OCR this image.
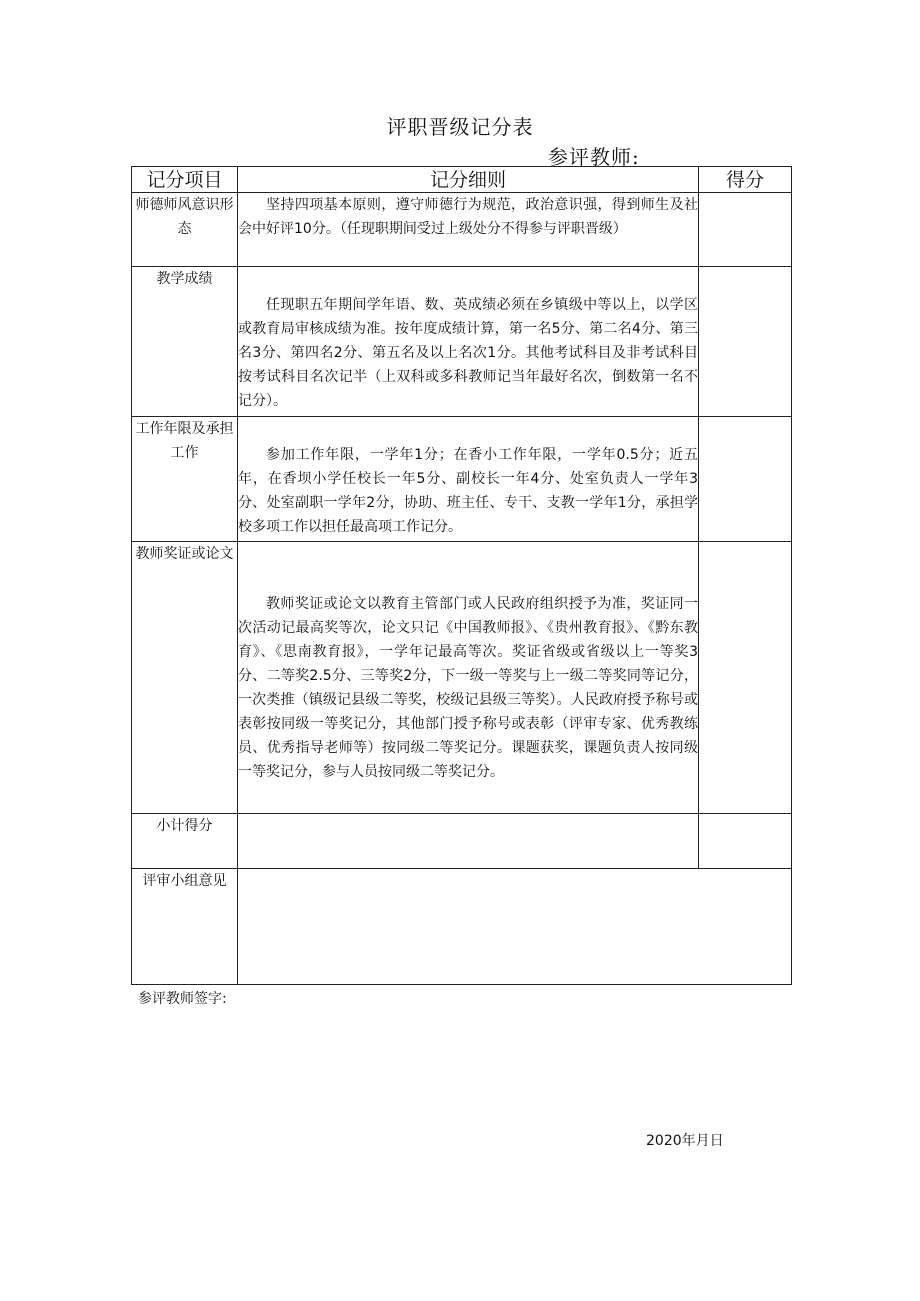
评职晋级记分表
参评教师:
记分项目	记分细则	得分
师德师风意识形态	坚持四项基本原则，遵守师德行为规范，政治意识强，得到师生及社会中好评10分。（任现职期间受过上级处分不得参与评职晋级）	

教学成绩	任现职五年期间学年语、数、英成绩必须在乡镇级中等以上，以学区或教育局审核成绩为准。按年度成绩计算，第一名5分、第二名4分、第三名3分、第四名2分、第五名及以上名次1分。其他考试科目及非考试科目按考试科目名次记半（上双科或多科教师记当年最好名次，倒数第一名不记分）。	

工作年限及承担工作	参加工作年限，一学年1分；在香小工作年限，一学年0.5分；近五年，在香坝小学任校长一年5分、副校长一年4分、处室负责人一学年3分、处室副职一学年2分，协助、班主任、专干、支教一学年1分，承担学校多项工作以担任最高项工作记分。	

教师奖证或论文	教师奖证或论文以教育主管部门或人民政府组织授予为准，奖证同一次活动记最高奖等次，论文只记《中国教师报》、《贵州教育报》、《黔东教育》、《思南教育报》，一学年记最高等次。奖证省级或省级以上一等奖3分、二等奖2.5分、三等奖2分，下一级一等奖与上一级二等奖同等记分，一次类推（镇级记县级二等奖，校级记县级三等奖）。人民政府授予称号或表彰按同级一等奖记分，其他部门授予称号或表彰（评审专家、优秀教练员、优秀指导老师等）按同级二等奖记分。课题获奖，课题负责人按同级一等奖记分，参与人员按同级二等奖记分。	

小计得分		
评审小组意见		
参评教师签字:
2020年月日
